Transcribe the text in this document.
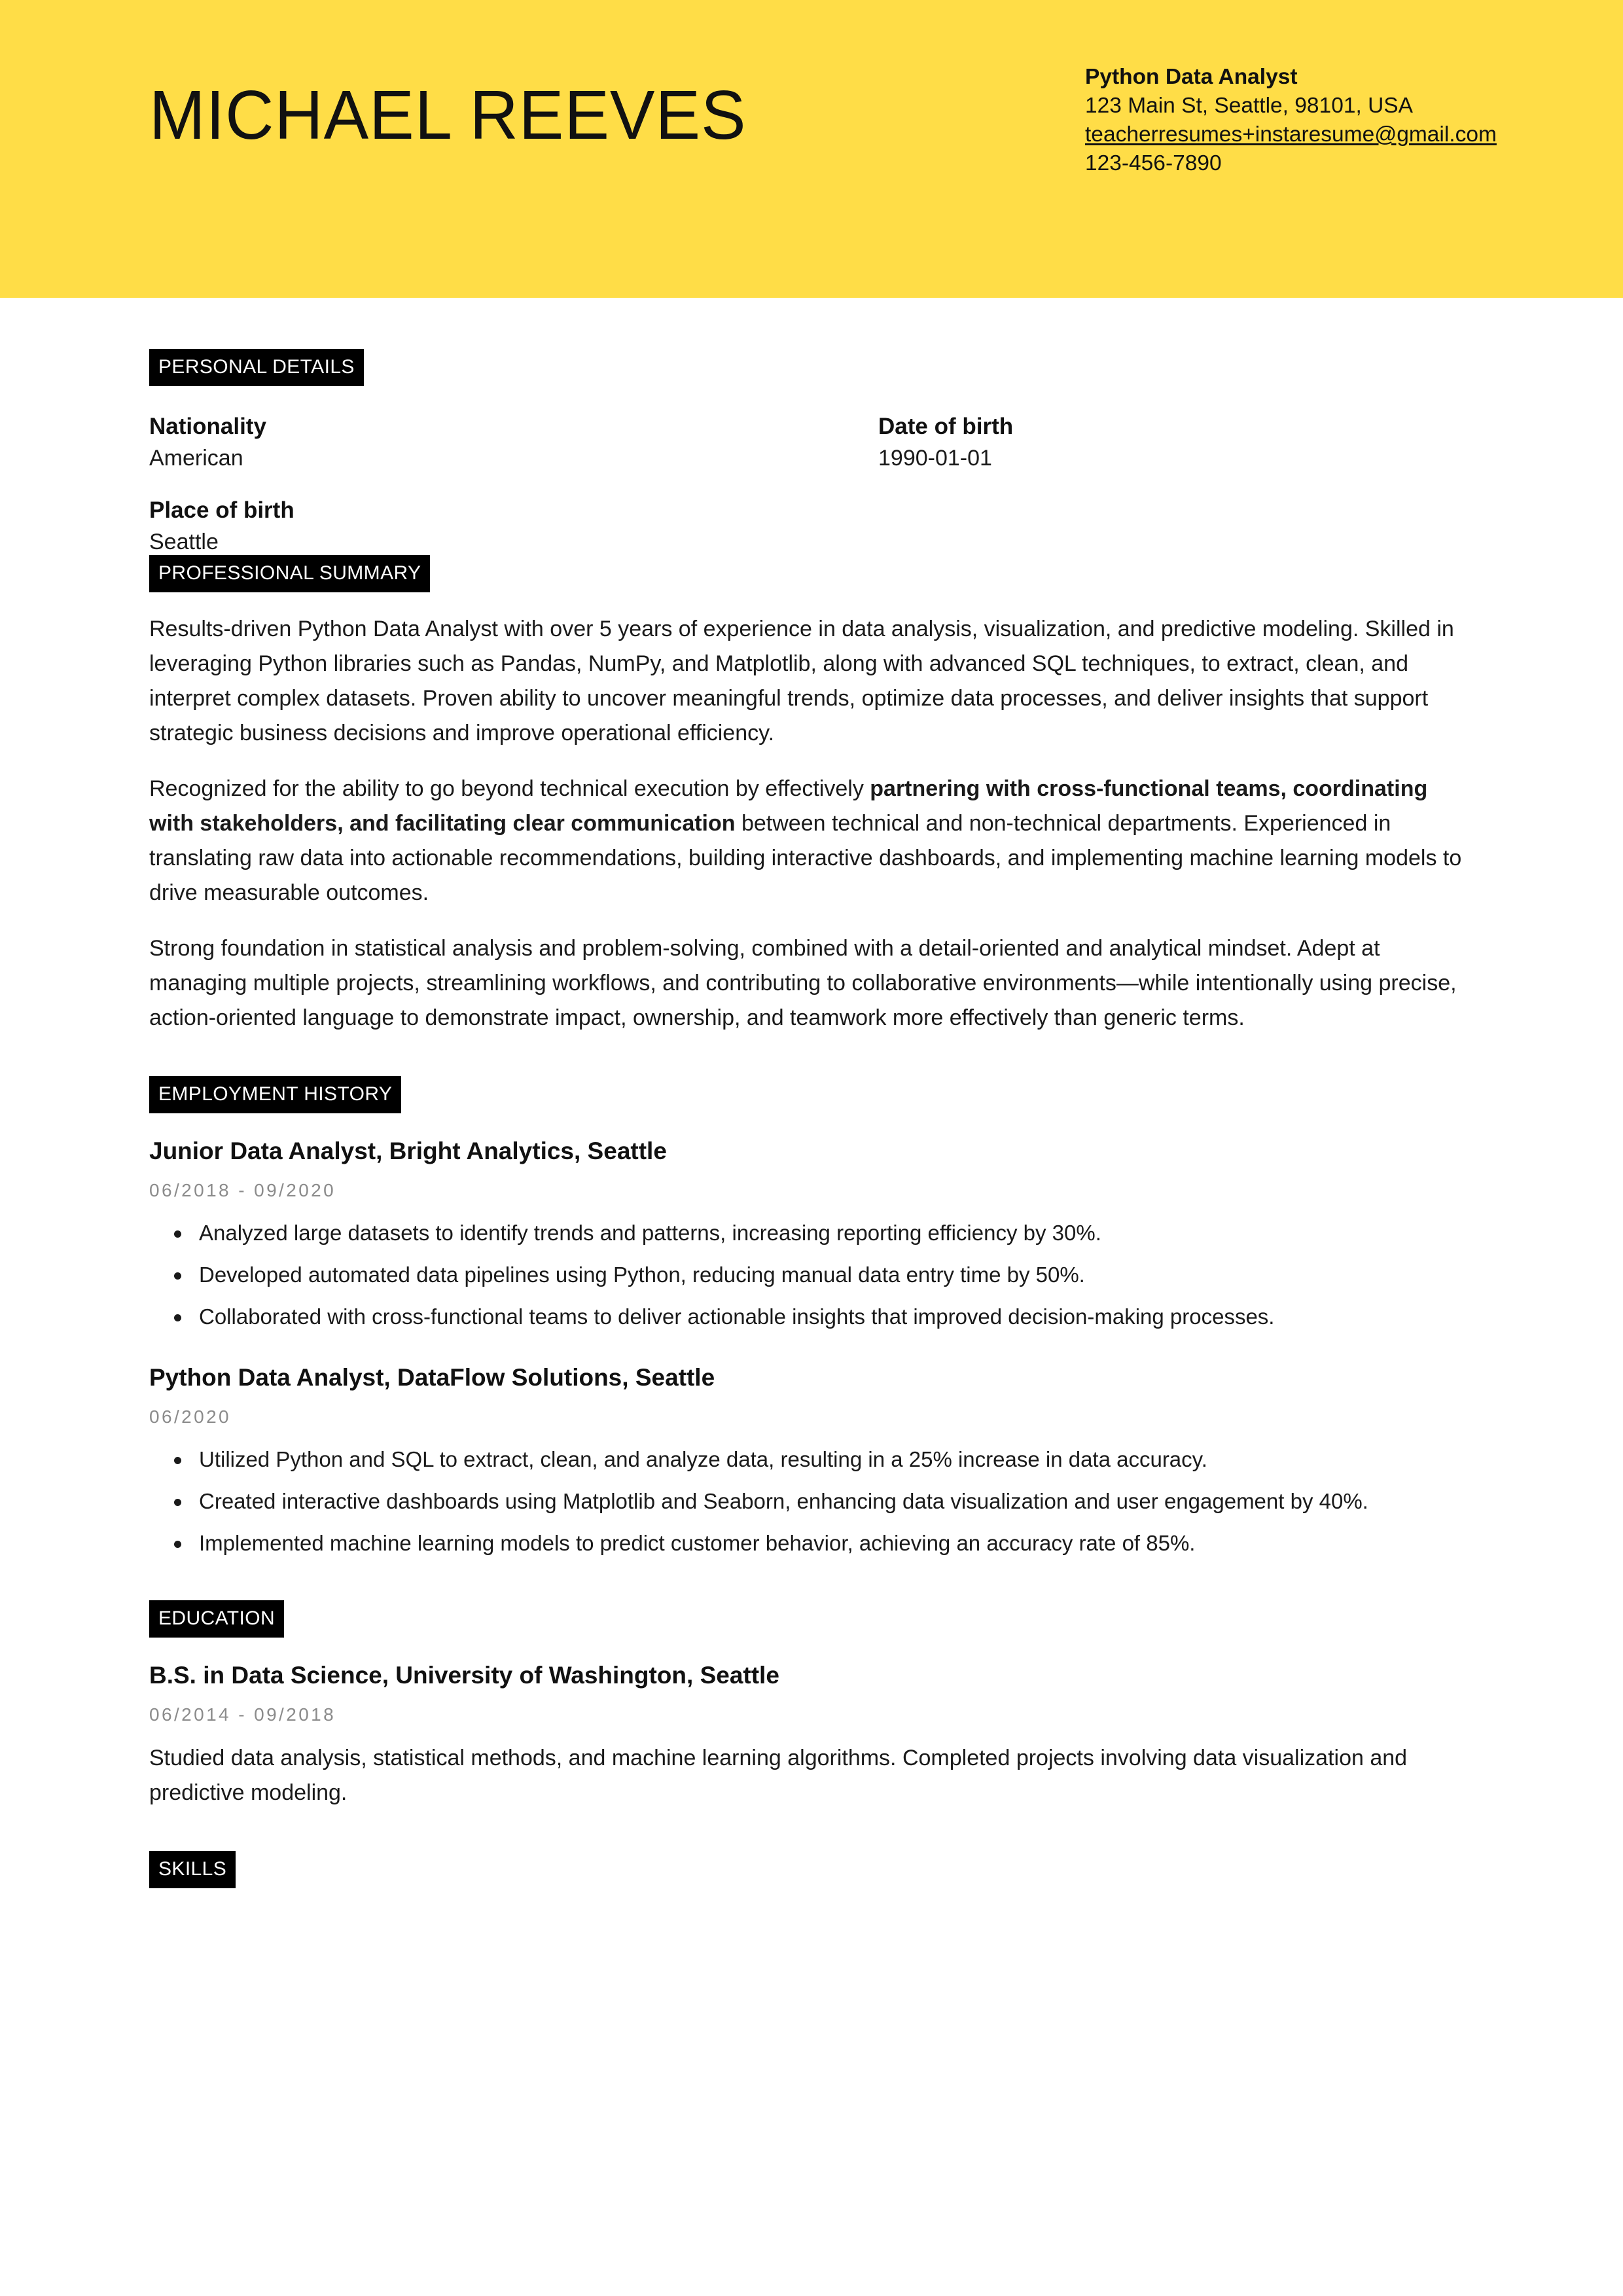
MICHAEL REEVES	Python Data Analyst

123 Main St, Seattle, 98101, USA

teacherresumes+instaresume@gmail.com

123-456-7890

PERSONAL DETAILS

Nationality

American

Place of birth

Seattle

Date of birth

1990-01-01

PROFESSIONAL SUMMARY

Results-driven Python Data Analyst with over 5 years of experience in data analysis, visualization, and predictive modeling. Skilled in leveraging Python libraries such as Pandas, NumPy, and Matplotlib, along with advanced SQL techniques, to extract, clean, and interpret complex datasets. Proven ability to uncover meaningful trends, optimize data processes, and deliver insights that support strategic business decisions and improve operational efficiency.

Recognized for the ability to go beyond technical execution by effectively partnering with cross-functional teams, coordinating with stakeholders, and facilitating clear communication between technical and non-technical departments. Experienced in translating raw data into actionable recommendations, building interactive dashboards, and implementing machine learning models to drive measurable outcomes.

Strong foundation in statistical analysis and problem-solving, combined with a detail-oriented and analytical mindset. Adept at managing multiple projects, streamlining workflows, and contributing to collaborative environments—while intentionally using precise, action-oriented language to demonstrate impact, ownership, and teamwork more effectively than generic terms.

EMPLOYMENT HISTORY

Junior Data Analyst, Bright Analytics, Seattle

06/2018 - 09/2020

Analyzed large datasets to identify trends and patterns, increasing reporting efficiency by 30%.
Developed automated data pipelines using Python, reducing manual data entry time by 50%.
Collaborated with cross-functional teams to deliver actionable insights that improved decision-making processes.

Python Data Analyst, DataFlow Solutions, Seattle

06/2020

Utilized Python and SQL to extract, clean, and analyze data, resulting in a 25% increase in data accuracy.
Created interactive dashboards using Matplotlib and Seaborn, enhancing data visualization and user engagement by 40%.
Implemented machine learning models to predict customer behavior, achieving an accuracy rate of 85%.
EDUCATION

B.S. in Data Science, University of Washington, Seattle

06/2014 - 09/2018

Studied data analysis, statistical methods, and machine learning algorithms. Completed projects involving data visualization and predictive modeling.

SKILLS
